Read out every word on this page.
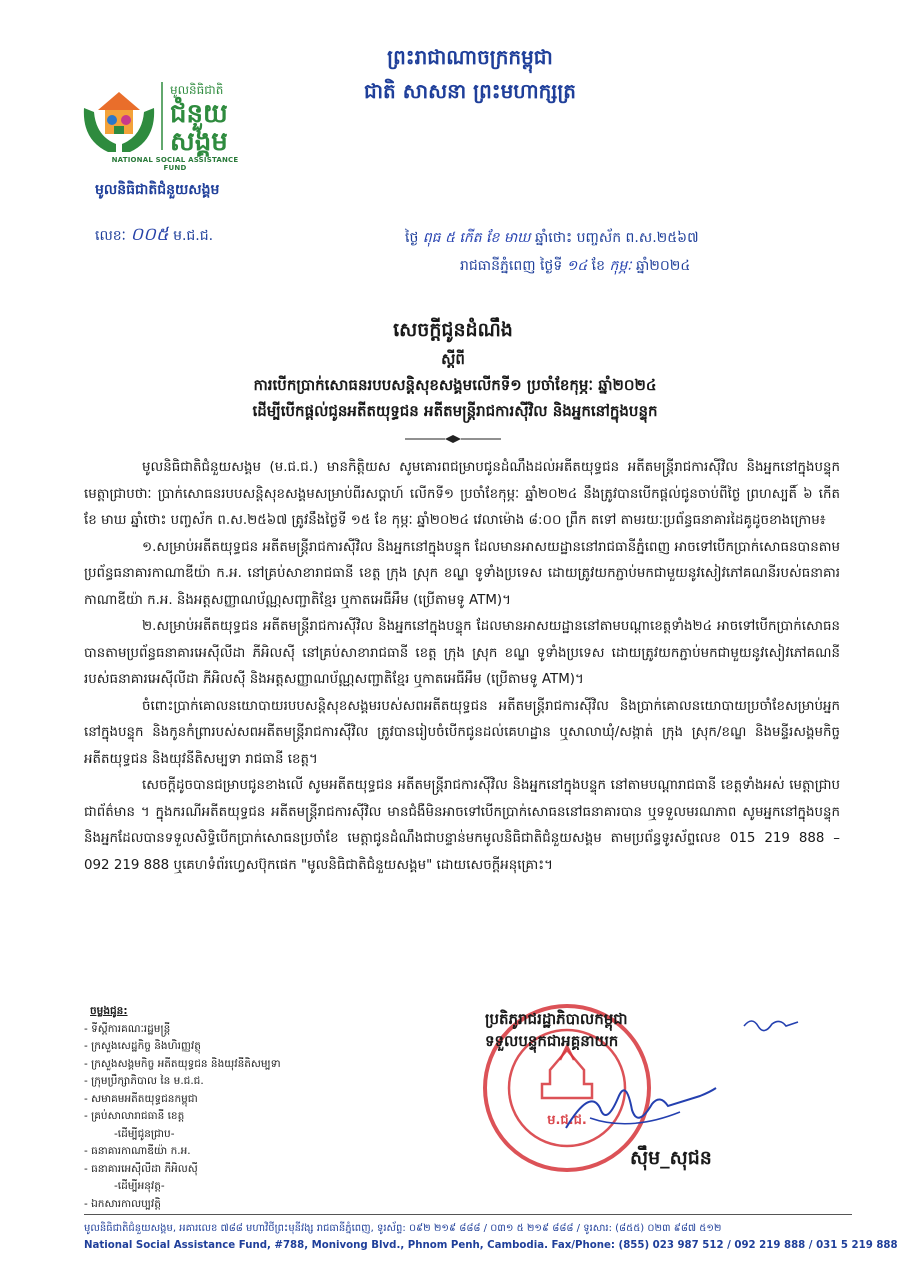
ព្រះរាជាណាចក្រកម្ពុជា
ជាតិ សាសនា ព្រះមហាក្សត្រ
មូលនិធិជាតិ
ជំនួយ
សង្គម
NATIONAL SOCIAL ASSISTANCE FUND
មូលនិធិជាតិជំនួយសង្គម
លេខៈ ០០៥ ម.ជ.ជ.	ថ្ងៃ ពុធ ៥ កើត ខែ មាឃ ឆ្នាំថោះ បញ្ចស័ក ព.ស.២៥៦៧
រាជធានីភ្នំពេញ ថ្ងៃទី ១៤ ខែ កុម្ភៈ ឆ្នាំ២០២៤
សេចក្តីជូនដំណឹង
ស្តីពី
ការបើកប្រាក់សោធនរបបសន្តិសុខសង្គមលើកទី១ ប្រចាំខែកុម្ភៈ ឆ្នាំ២០២៤
ដើម្បីបើកផ្តល់ជូនអតីតយុទ្ធជន អតីតមន្ត្រីរាជការស៊ីវិល និងអ្នកនៅក្នុងបន្ទុក

មូលនិធិជាតិជំនួយសង្គម (ម.ជ.ជ.) មានកិត្តិយស សូមគោរពជម្រាបជូនដំណឹងដល់អតីតយុទ្ធជន អតីតមន្ត្រីរាជការស៊ីវិល និងអ្នកនៅក្នុងបន្ទុក មេត្តាជ្រាបថាៈ ប្រាក់សោធនរបបសន្តិសុខសង្គមសម្រាប់ពីរសប្តាហ៍ លើកទី១ ប្រចាំខែកុម្ភៈ ឆ្នាំ២០២៤ នឹងត្រូវបានបើកផ្តល់ជូនចាប់ពីថ្ងៃ ព្រហស្បតិ៍ ៦ កើត ខែ មាឃ ឆ្នាំថោះ បញ្ចស័ក ព.ស.២៥៦៧ ត្រូវនឹងថ្ងៃទី ១៥ ខែ កុម្ភៈ ឆ្នាំ២០២៤ វេលាម៉ោង ៨:០០ ព្រឹក តទៅ តាមរយៈប្រព័ន្ធធនាគារដៃគូដូចខាងក្រោម៖

១.សម្រាប់អតីតយុទ្ធជន អតីតមន្ត្រីរាជការស៊ីវិល និងអ្នកនៅក្នុងបន្ទុក ដែលមានអាសយដ្ឋាននៅរាជធានីភ្នំពេញ អាចទៅបើកប្រាក់សោធនបានតាមប្រព័ន្ធធនាគារកាណាឌីយ៉ា ក.អ. នៅគ្រប់សាខារាជធានី ខេត្ត ក្រុង ស្រុក ខណ្ឌ ទូទាំងប្រទេស ដោយត្រូវយកភ្ជាប់មកជាមួយនូវសៀវភៅគណនីរបស់ធនាគារកាណាឌីយ៉ា ក.អ. និងអត្តសញ្ញាណប័ណ្ណសញ្ជាតិខ្មែរ ឬកាតអេធីអឹម (ប្រើតាមទូ ATM)។

២.សម្រាប់អតីតយុទ្ធជន អតីតមន្ត្រីរាជការស៊ីវិល និងអ្នកនៅក្នុងបន្ទុក ដែលមានអាសយដ្ឋាននៅតាមបណ្តាខេត្តទាំង២៤ អាចទៅបើកប្រាក់សោធនបានតាមប្រព័ន្ធធនាគារអេស៊ីលីដា ភីអិលស៊ី នៅគ្រប់សាខារាជធានី ខេត្ត ក្រុង ស្រុក ខណ្ឌ ទូទាំងប្រទេស ដោយត្រូវយកភ្ជាប់មកជាមួយនូវសៀវភៅគណនីរបស់ធនាគារអេស៊ីលីដា ភីអិលស៊ី និងអត្តសញ្ញាណប័ណ្ណសញ្ជាតិខ្មែរ ឬកាតអេធីអឹម (ប្រើតាមទូ ATM)។

ចំពោះប្រាក់គោលនយោបាយរបបសន្តិសុខសង្គមរបស់សពអតីតយុទ្ធជន អតីតមន្ត្រីរាជការស៊ីវិល និងប្រាក់គោលនយោបាយប្រចាំខែសម្រាប់អ្នកនៅក្នុងបន្ទុក និងកូនកំព្រារបស់សពអតីតមន្ត្រីរាជការស៊ីវិល ត្រូវបានរៀបចំបើកជូនដល់គេហដ្ឋាន ឬសាលាឃុំ/សង្កាត់ ក្រុង ស្រុក/ខណ្ឌ និងមន្ទីរសង្គមកិច្ច អតីតយុទ្ធជន និងយុវនីតិសម្បទា រាជធានី ខេត្ត។

សេចក្តីដូចបានជម្រាបជូនខាងលើ សូមអតីតយុទ្ធជន អតីតមន្ត្រីរាជការស៊ីវិល និងអ្នកនៅក្នុងបន្ទុក នៅតាមបណ្តារាជធានី ខេត្តទាំងអស់ មេត្តាជ្រាបជាព័ត៌មាន ។ ក្នុងករណីអតីតយុទ្ធជន អតីតមន្ត្រីរាជការស៊ីវិល មានជំងឺមិនអាចទៅបើកប្រាក់សោធននៅធនាគារបាន ឬទទួលមរណភាព សូមអ្នកនៅក្នុងបន្ទុក និងអ្នកដែលបានទទួលសិទ្ធិបើកប្រាក់សោធនប្រចាំខែ មេត្តាជូនដំណឹងជាបន្ទាន់មកមូលនិធិជាតិជំនួយសង្គម តាមប្រព័ន្ធទូរស័ព្ទលេខ 015 219 888 – 092 219 888 ឬគេហទំព័រហ្វេសប៊ុកផេក "មូលនិធិជាតិជំនួយសង្គម" ដោយសេចក្តីអនុគ្រោះ។

ចម្លងជូន:
- ទីស្តីការគណៈរដ្ឋមន្ត្រី
- ក្រសួងសេដ្ឋកិច្ច និងហិរញ្ញវត្ថុ
- ក្រសួងសង្គមកិច្ច អតីតយុទ្ធជន និងយុវនីតិសម្បទា
- ក្រុមប្រឹក្សាភិបាល នៃ ម.ជ.ជ.
- សមាគមអតីតយុទ្ធជនកម្ពុជា
- គ្រប់សាលារាជធានី ខេត្ត
-ដើម្បីជូនជ្រាប-
- ធនាគារកាណាឌីយ៉ា ក.អ.
- ធនាគារអេស៊ីលីដា ភីអិលស៊ី
-ដើម្បីអនុវត្ត-
- ឯកសារកាលប្បវត្តិ
ម.ជ.ជ.
ប្រតិភូរាជរដ្ឋាភិបាលកម្ពុជា
ទទួលបន្ទុកជាអគ្គនាយក
ស៊ឹម_សុជន
មូលនិធិជាតិជំនួយសង្គម, អគារលេខ ៧៨៨ មហាវិថីព្រះមុនីវង្ស រាជធានីភ្នំពេញ, ទូរស័ព្ទ: ០៩២ ២១៩ ៨៨៨ / ០៣១ ៥ ២១៩ ៨៨៨ / ទូរសារ: (៨៥៥) ០២៣ ៩៨៧ ៥១២
National Social Assistance Fund, #788, Monivong Blvd., Phnom Penh, Cambodia. Fax/Phone: (855) 023 987 512 / 092 219 888 / 031 5 219 888
